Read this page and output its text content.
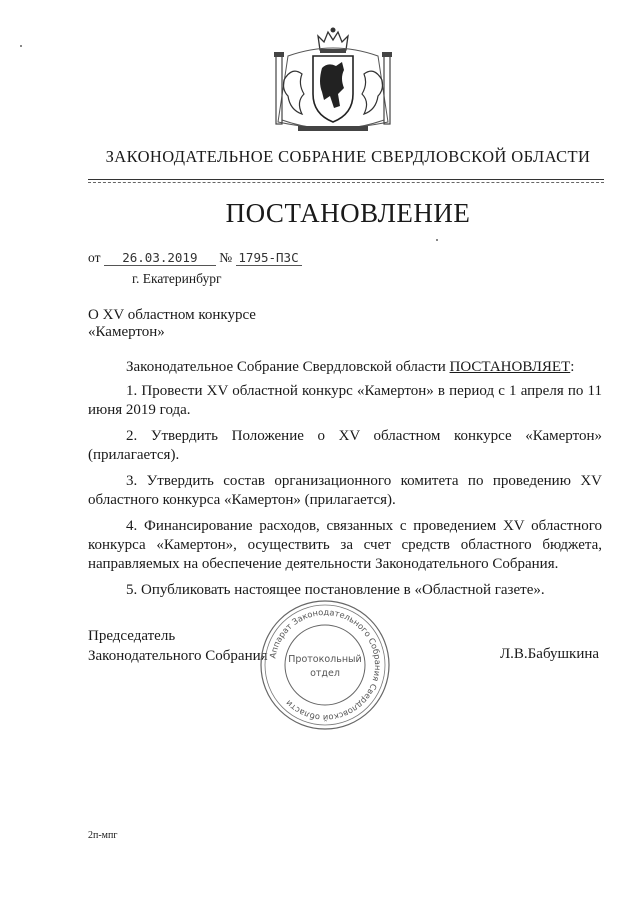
ЗАКОНОДАТЕЛЬНОЕ СОБРАНИЕ СВЕРДЛОВСКОЙ ОБЛАСТИ
ПОСТАНОВЛЕНИЕ
от 26.03.2019 № 1795-ПЗС
г. Екатеринбург
О XV областном конкурсе
«Камертон»

Законодательное Собрание Свердловской области ПОСТАНОВЛЯЕТ:

1. Провести XV областной конкурс «Камертон» в период с 1 апреля по 11 июня 2019 года.

2. Утвердить Положение о XV областном конкурсе «Камертон» (прилагается).

3. Утвердить состав организационного комитета по проведению XV областного конкурса «Камертон» (прилагается).

4. Финансирование расходов, связанных с проведением XV областного конкурса «Камертон», осуществить за счет средств областного бюджета, направляемых на обеспечение деятельности Законодательного Собрания.

5. Опубликовать настоящее постановление в «Областной газете».

Председатель
Законодательного Собрания	Л.В.Бабушкина
Аппарат Законодательного Собрания Свердловской области
Протокольный
отдел
2п-мпг
